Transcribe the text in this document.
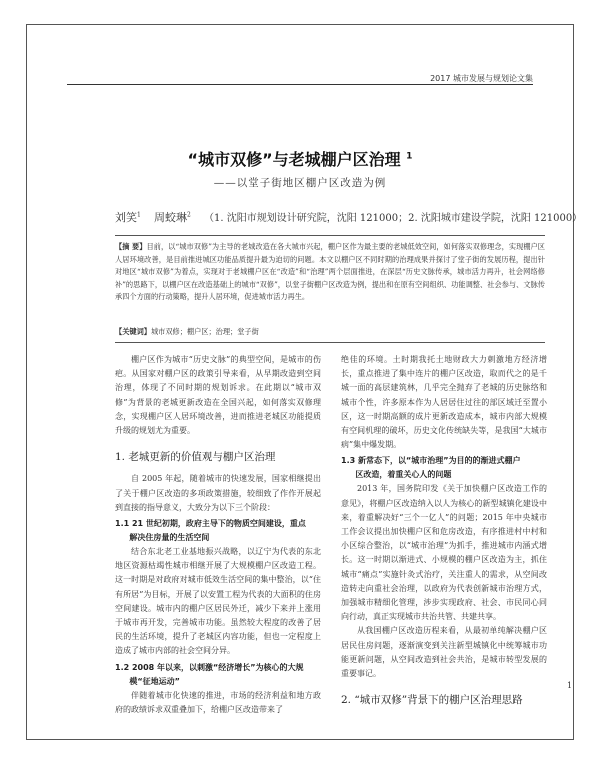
2017 城市发展与规划论文集
“城市双修”与老城棚户区治理 $^1$
——以堂子街地区棚户区改造为例
刘笑$^1$ 周蛟琳$^2$ （1. 沈阳市规划设计研究院，沈阳 121000；2. 沈阳城市建设学院，沈阳 121000）
【摘 要】目前，以“城市双修”为主导的老城改造在各大城市兴起，棚户区作为最主要的老城低效空间，如何落实双修理念，实现棚户区人居环境改善，是目前推进城区功能品质提升最为迫切的问题。本文以棚户区不同时期的治理成果并探讨了堂子街的发展历程，提出针对地区“城市双修”为着点，实现对于老城棚户区在“改造”和“治理”两个层面推进，在深层“历史文脉传承，城市活力再升，社会网络修补”的思路下，以棚户区在改造基础上的城市“双修”，以堂子街棚户区改造为例，提出和在原有空间组织、功能调整、社会参与、文脉传承四个方面的行动策略，提升人居环境，促进城市活力再生。
【关键词】城市双修；棚户区；治理；堂子街

棚户区作为城市“历史文脉”的典型空间，是城市的伤疤。从国家对棚户区的政策引导来看，从早期改造到空间治理，体现了不同时期的规划诉求。在此期以“城市双修”为背景的老城更新改造在全国兴起，如何落实双修理念，实现棚户区人居环境改善，进而推进老城区功能提质升级的规划尤为重要。

1. 老城更新的价值观与棚户区治理

自 2005 年起，随着城市的快速发展，国家相继提出了关于棚户区改造的多项政策措施，较细致了作作开展起到直接的指导意义，大致分为以下三个阶段：

1.1 21 世纪初期，政府主导下的物质空间建设，重点
解决住房量的生活空间

结合东北老工业基地振兴战略，以辽宁为代表的东北地区资源枯竭性城市相继开展了大规模棚户区改造工程。这一时期是对政府对城市低效生活空间的集中整治，以“住有所居”为目标，开展了以安置工程为代表的大面积的住房空间建设。城市内的棚户区居民外迁，减少下来并上涨用于城市再开发，完善城市功能。虽然较大程度的改善了居民的生活环境，提升了老城区内容功能，但也一定程度上造成了城市内部的社会空间分异。

1.2 2008 年以来，以刺激“经济增长”为核心的大规
模“征地运动”

伴随着城市化快速的推进，市场的经济利益和地方政府的政绩诉求双重叠加下，给棚户区改造带来了

绝佳的环境。土时期我托土地财政大力刺激地方经济增长，重点推进了集中连片的棚户区改造，取而代之的是千城一面的高层建筑林，几乎完全抛弃了老城的历史脉络和城市个性，许多原本作为人居居住过往的部区域迁至置小区，这一时期高额的成片更新改造成本，城市内部大规模有空间机理的破坏，历史文化传统缺失等，是我国“大城市病”集中爆发期。

1.3 新常态下，以“城市治理”为目的的渐进式棚户
区改造，着重关心人的问题

2013 年，国务院印发《关于加快棚户区改造工作的意见》，将棚户区改造纳入以人为核心的新型城镇化建设中来，着重解决好“三个一亿人”的问题；2015 年中央城市工作会议提出加快棚户区和危房改造，有序推进村中村和小区综合整治，以“城市治理”为抓手，推进城市内涵式增长。这一时期以渐进式、小规模的棚户区改造为主，抓住城市“痛点”实施针灸式治疗，关注重人的需求，从空间改造转走向重社会治理，以政府为代表创新城市治理方式，加强城市精细化管理，涉步实现政府、社会、市民同心同向行动，真正实现城市共治共管、共建共享。

从我国棚户区改造历程来看，从最初单纯解决棚户区居民住房问题，逐渐演变到关注新型城镇化中统筹城市功能更新问题，从空间改造到社会共治，是城市转型发展的重要事记。

2. “城市双修”背景下的棚户区治理思路
1
